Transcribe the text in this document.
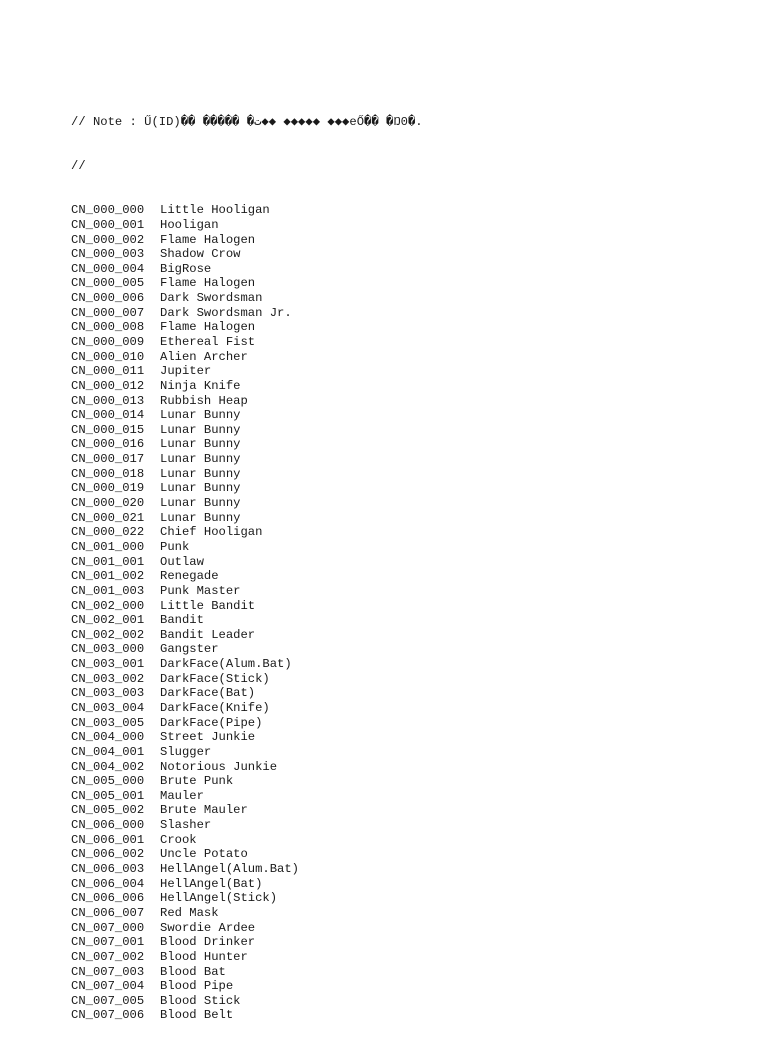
// Note : Ű(ID)�� ����� �ت◆◆ ◆◆◆◆◆ ◆◆◆eŐ�� �Ŋ0�.

//

CN_000_000	Little Hooligan
CN_000_001	Hooligan
CN_000_002	Flame Halogen
CN_000_003	Shadow Crow
CN_000_004	BigRose
CN_000_005	Flame Halogen
CN_000_006	Dark Swordsman
CN_000_007	Dark Swordsman Jr.
CN_000_008	Flame Halogen
CN_000_009	Ethereal Fist
CN_000_010	Alien Archer
CN_000_011	Jupiter
CN_000_012	Ninja Knife
CN_000_013	Rubbish Heap
CN_000_014	Lunar Bunny
CN_000_015	Lunar Bunny
CN_000_016	Lunar Bunny
CN_000_017	Lunar Bunny
CN_000_018	Lunar Bunny
CN_000_019	Lunar Bunny
CN_000_020	Lunar Bunny
CN_000_021	Lunar Bunny
CN_000_022	Chief Hooligan
CN_001_000	Punk
CN_001_001	Outlaw
CN_001_002	Renegade
CN_001_003	Punk Master
CN_002_000	Little Bandit
CN_002_001	Bandit
CN_002_002	Bandit Leader
CN_003_000	Gangster
CN_003_001	DarkFace(Alum.Bat)
CN_003_002	DarkFace(Stick)
CN_003_003	DarkFace(Bat)
CN_003_004	DarkFace(Knife)
CN_003_005	DarkFace(Pipe)
CN_004_000	Street Junkie
CN_004_001	Slugger
CN_004_002	Notorious Junkie
CN_005_000	Brute Punk
CN_005_001	Mauler
CN_005_002	Brute Mauler
CN_006_000	Slasher
CN_006_001	Crook
CN_006_002	Uncle Potato
CN_006_003	HellAngel(Alum.Bat)
CN_006_004	HellAngel(Bat)
CN_006_006	HellAngel(Stick)
CN_006_007	Red Mask
CN_007_000	Swordie Ardee
CN_007_001	Blood Drinker
CN_007_002	Blood Hunter
CN_007_003	Blood Bat
CN_007_004	Blood Pipe
CN_007_005	Blood Stick
CN_007_006	Blood Belt
